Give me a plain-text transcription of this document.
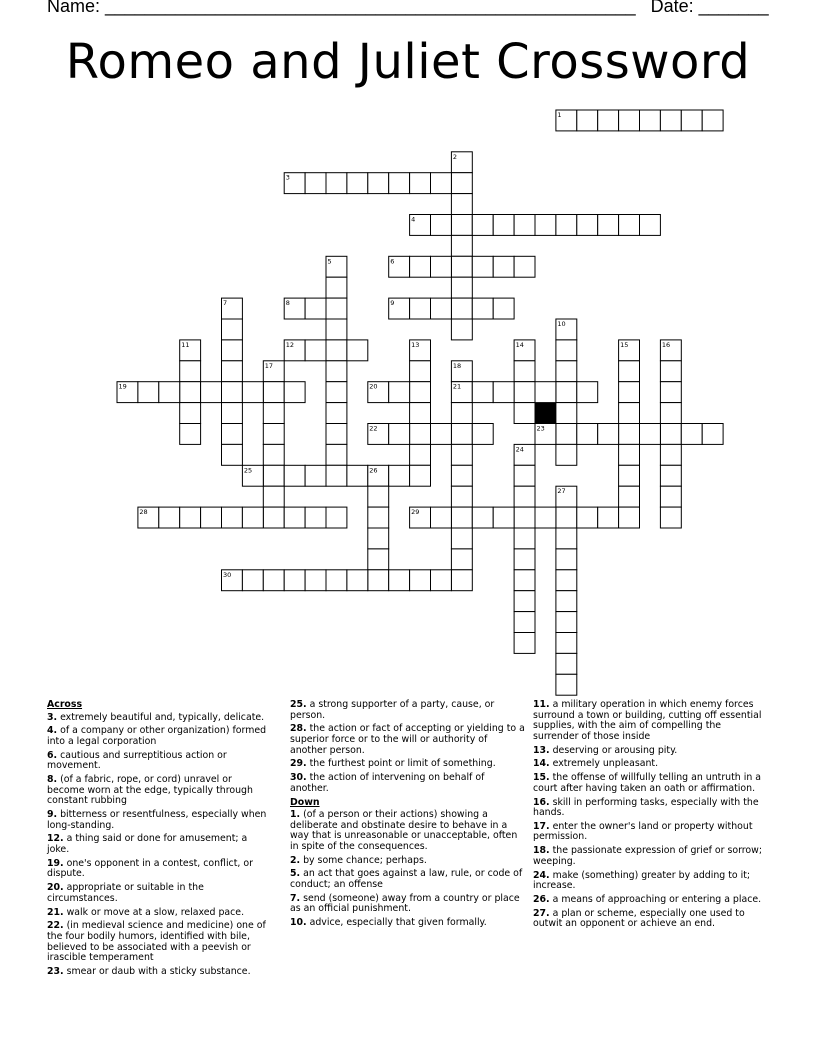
Name: _____________________________________________________   Date: _______
Romeo and Juliet Crossword
1
2
3
4
5	6
7	8	9
10
11	12	13	14	15	16
17	18
19	20	21
22	23
24
25	26
27
28	29
30
Across
3. extremely beautiful and, typically, delicate.
4. of a company or other organization) formed into a legal corporation
6. cautious and surreptitious action or movement.
8. (of a fabric, rope, or cord) unravel or become worn at the edge, typically through constant rubbing
9. bitterness or resentfulness, especially when long-standing.
12. a thing said or done for amusement; a joke.
19. one's opponent in a contest, conflict, or dispute.
20. appropriate or suitable in the circumstances.
21. walk or move at a slow, relaxed pace.
22. (in medieval science and medicine) one of the four bodily humors, identified with bile, believed to be associated with a peevish or irascible temperament
23. smear or daub with a sticky substance.
25. a strong supporter of a party, cause, or person.
28. the action or fact of accepting or yielding to a superior force or to the will or authority of another person.
29. the furthest point or limit of something.
30. the action of intervening on behalf of another.
Down
1. (of a person or their actions) showing a deliberate and obstinate desire to behave in a way that is unreasonable or unacceptable, often in spite of the consequences.
2. by some chance; perhaps.
5. an act that goes against a law, rule, or code of conduct; an offense
7. send (someone) away from a country or place as an official punishment.
10. advice, especially that given formally.
11. a military operation in which enemy forces surround a town or building, cutting off essential supplies, with the aim of compelling the surrender of those inside
13. deserving or arousing pity.
14. extremely unpleasant.
15. the offense of willfully telling an untruth in a court after having taken an oath or affirmation.
16. skill in performing tasks, especially with the hands.
17. enter the owner's land or property without permission.
18. the passionate expression of grief or sorrow; weeping.
24. make (something) greater by adding to it; increase.
26. a means of approaching or entering a place.
27. a plan or scheme, especially one used to outwit an opponent or achieve an end.
